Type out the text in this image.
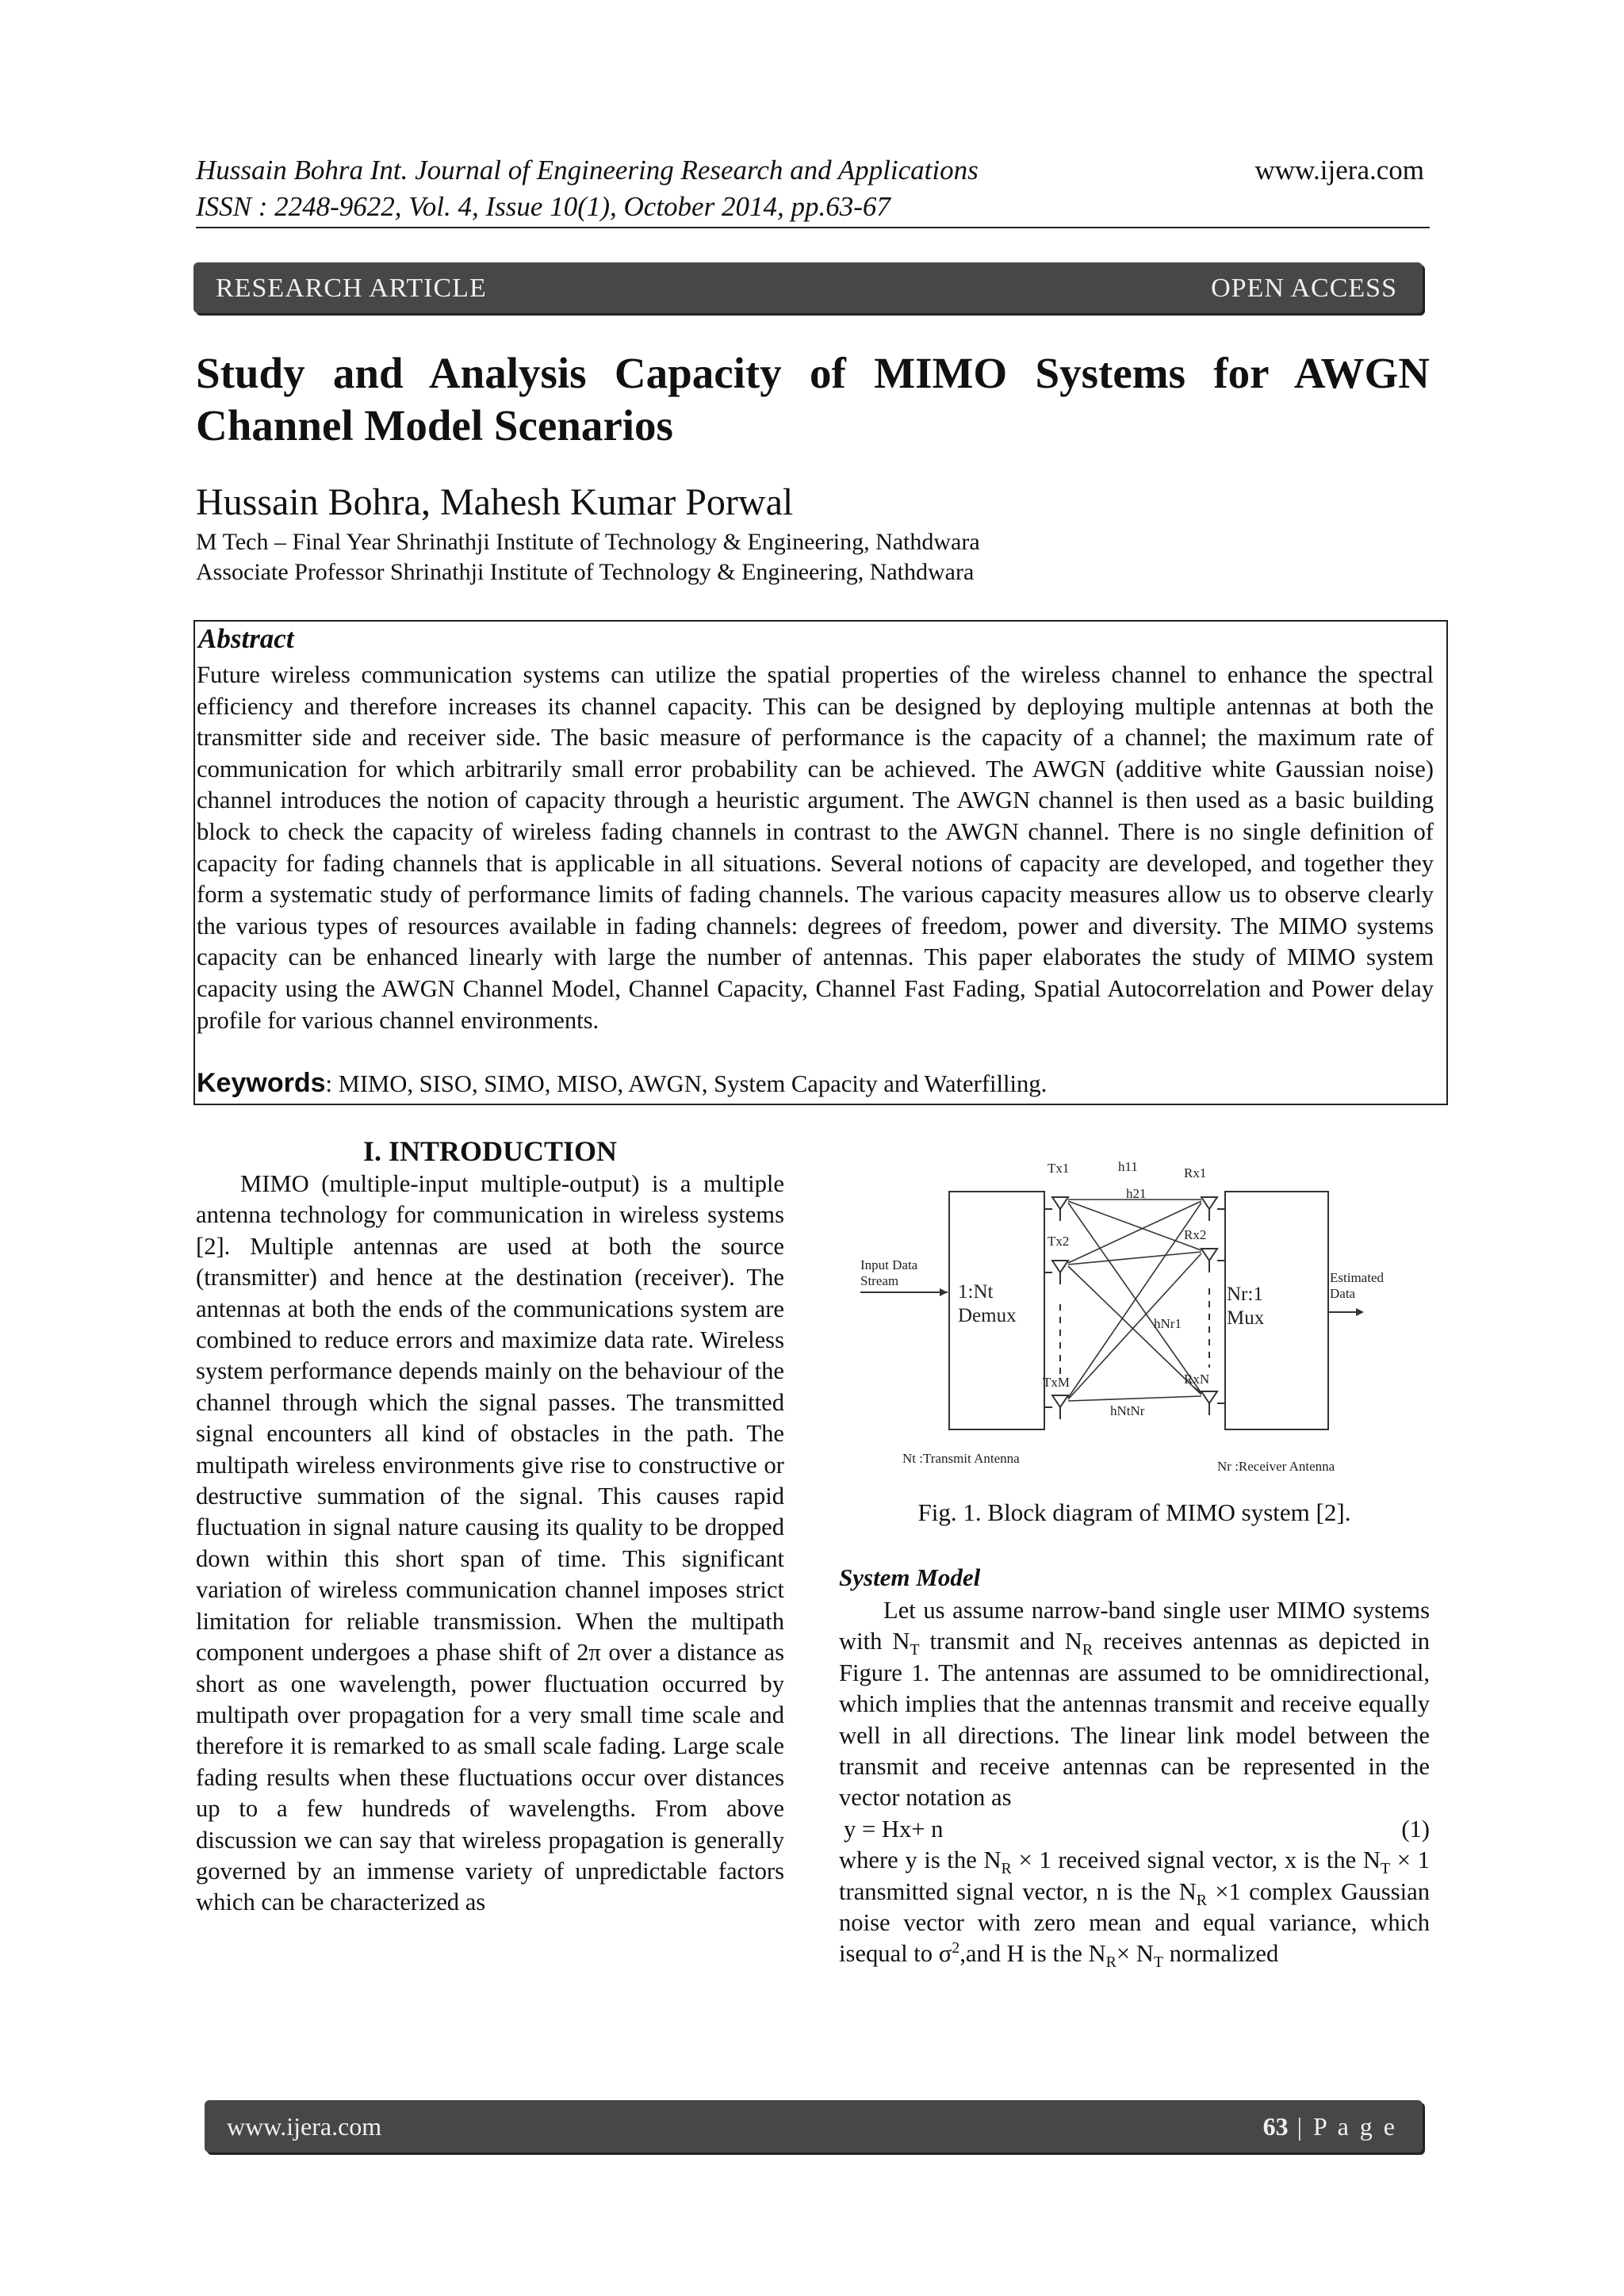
Hussain Bohra Int. Journal of Engineering Research and Applications
ISSN : 2248-9622, Vol. 4, Issue 10(1), October 2014, pp.63-67
www.ijera.com
RESEARCH ARTICLE	OPEN ACCESS
Study and Analysis Capacity of MIMO Systems for AWGN Channel Model Scenarios
Hussain Bohra, Mahesh Kumar Porwal
M Tech – Final Year Shrinathji Institute of Technology & Engineering, Nathdwara
Associate Professor Shrinathji Institute of Technology & Engineering, Nathdwara
Abstract
Future wireless communication systems can utilize the spatial properties of the wireless channel to enhance the spectral efficiency and therefore increases its channel capacity. This can be designed by deploying multiple antennas at both the transmitter side and receiver side. The basic measure of performance is the capacity of a channel; the maximum rate of communication for which arbitrarily small error probability can be achieved. The AWGN (additive white Gaussian noise) channel introduces the notion of capacity through a heuristic argument. The AWGN channel is then used as a basic building block to check the capacity of wireless fading channels in contrast to the AWGN channel. There is no single definition of capacity for fading channels that is applicable in all situations. Several notions of capacity are developed, and together they form a systematic study of performance limits of fading channels. The various capacity measures allow us to observe clearly the various types of resources available in fading channels: degrees of freedom, power and diversity. The MIMO systems capacity can be enhanced linearly with large the number of antennas. This paper elaborates the study of MIMO system capacity using the AWGN Channel Model, Channel Capacity, Channel Fast Fading, Spatial Autocorrelation and Power delay profile for various channel environments.
Keywords: MIMO, SISO, SIMO, MISO, AWGN, System Capacity and Waterfilling.
I. INTRODUCTION

MIMO (multiple-input multiple-output) is a multiple antenna technology for communication in wireless systems [2]. Multiple antennas are used at both the source (transmitter) and hence at the destination (receiver). The antennas at both the ends of the communications system are combined to reduce errors and maximize data rate. Wireless system performance depends mainly on the behaviour of the channel through which the signal passes. The transmitted signal encounters all kind of obstacles in the path. The multipath wireless environments give rise to constructive or destructive summation of the signal. This causes rapid fluctuation in signal nature causing its quality to be dropped down within this short span of time. This significant variation of wireless communication channel imposes strict limitation for reliable transmission. When the multipath component undergoes a phase shift of 2π over a distance as short as one wavelength, power fluctuation occurred by multipath over propagation for a very small time scale and therefore it is remarked to as small scale fading. Large scale fading results when these fluctuations occur over distances up to a few hundreds of wavelengths. From above discussion we can say that wireless propagation is generally governed by an immense variety of unpredictable factors which can be characterized as

Input Data
Stream
1:Nt
Demux
Nr:1
Mux
Estimated
Data
Tx1
Tx2
TxM
Rx1
Rx2
RxN
h11
h21
hNr1
hNtNr
Nt :Transmit Antenna
Nr :Receiver Antenna
Fig. 1. Block diagram of MIMO system [2].
System Model

Let us assume narrow-band single user MIMO systems with $N_T$ transmit and $N_R$ receives antennas as depicted in Figure 1. The antennas are assumed to be omnidirectional, which implies that the antennas transmit and receive equally well in all directions. The linear link model between the transmit and receive antennas can be represented in the vector notation as

y = Hx+ n	(1)

where y is the $N_R \times 1$ received signal vector, x is the $N_T \times 1$ transmitted signal vector, n is the $N_R \times 1$ complex Gaussian noise vector with zero mean and equal variance, which isequal to $\sigma^2,and$ H is the $N_R\times N_T$ normalized

www.ijera.com	63 | P a g e
